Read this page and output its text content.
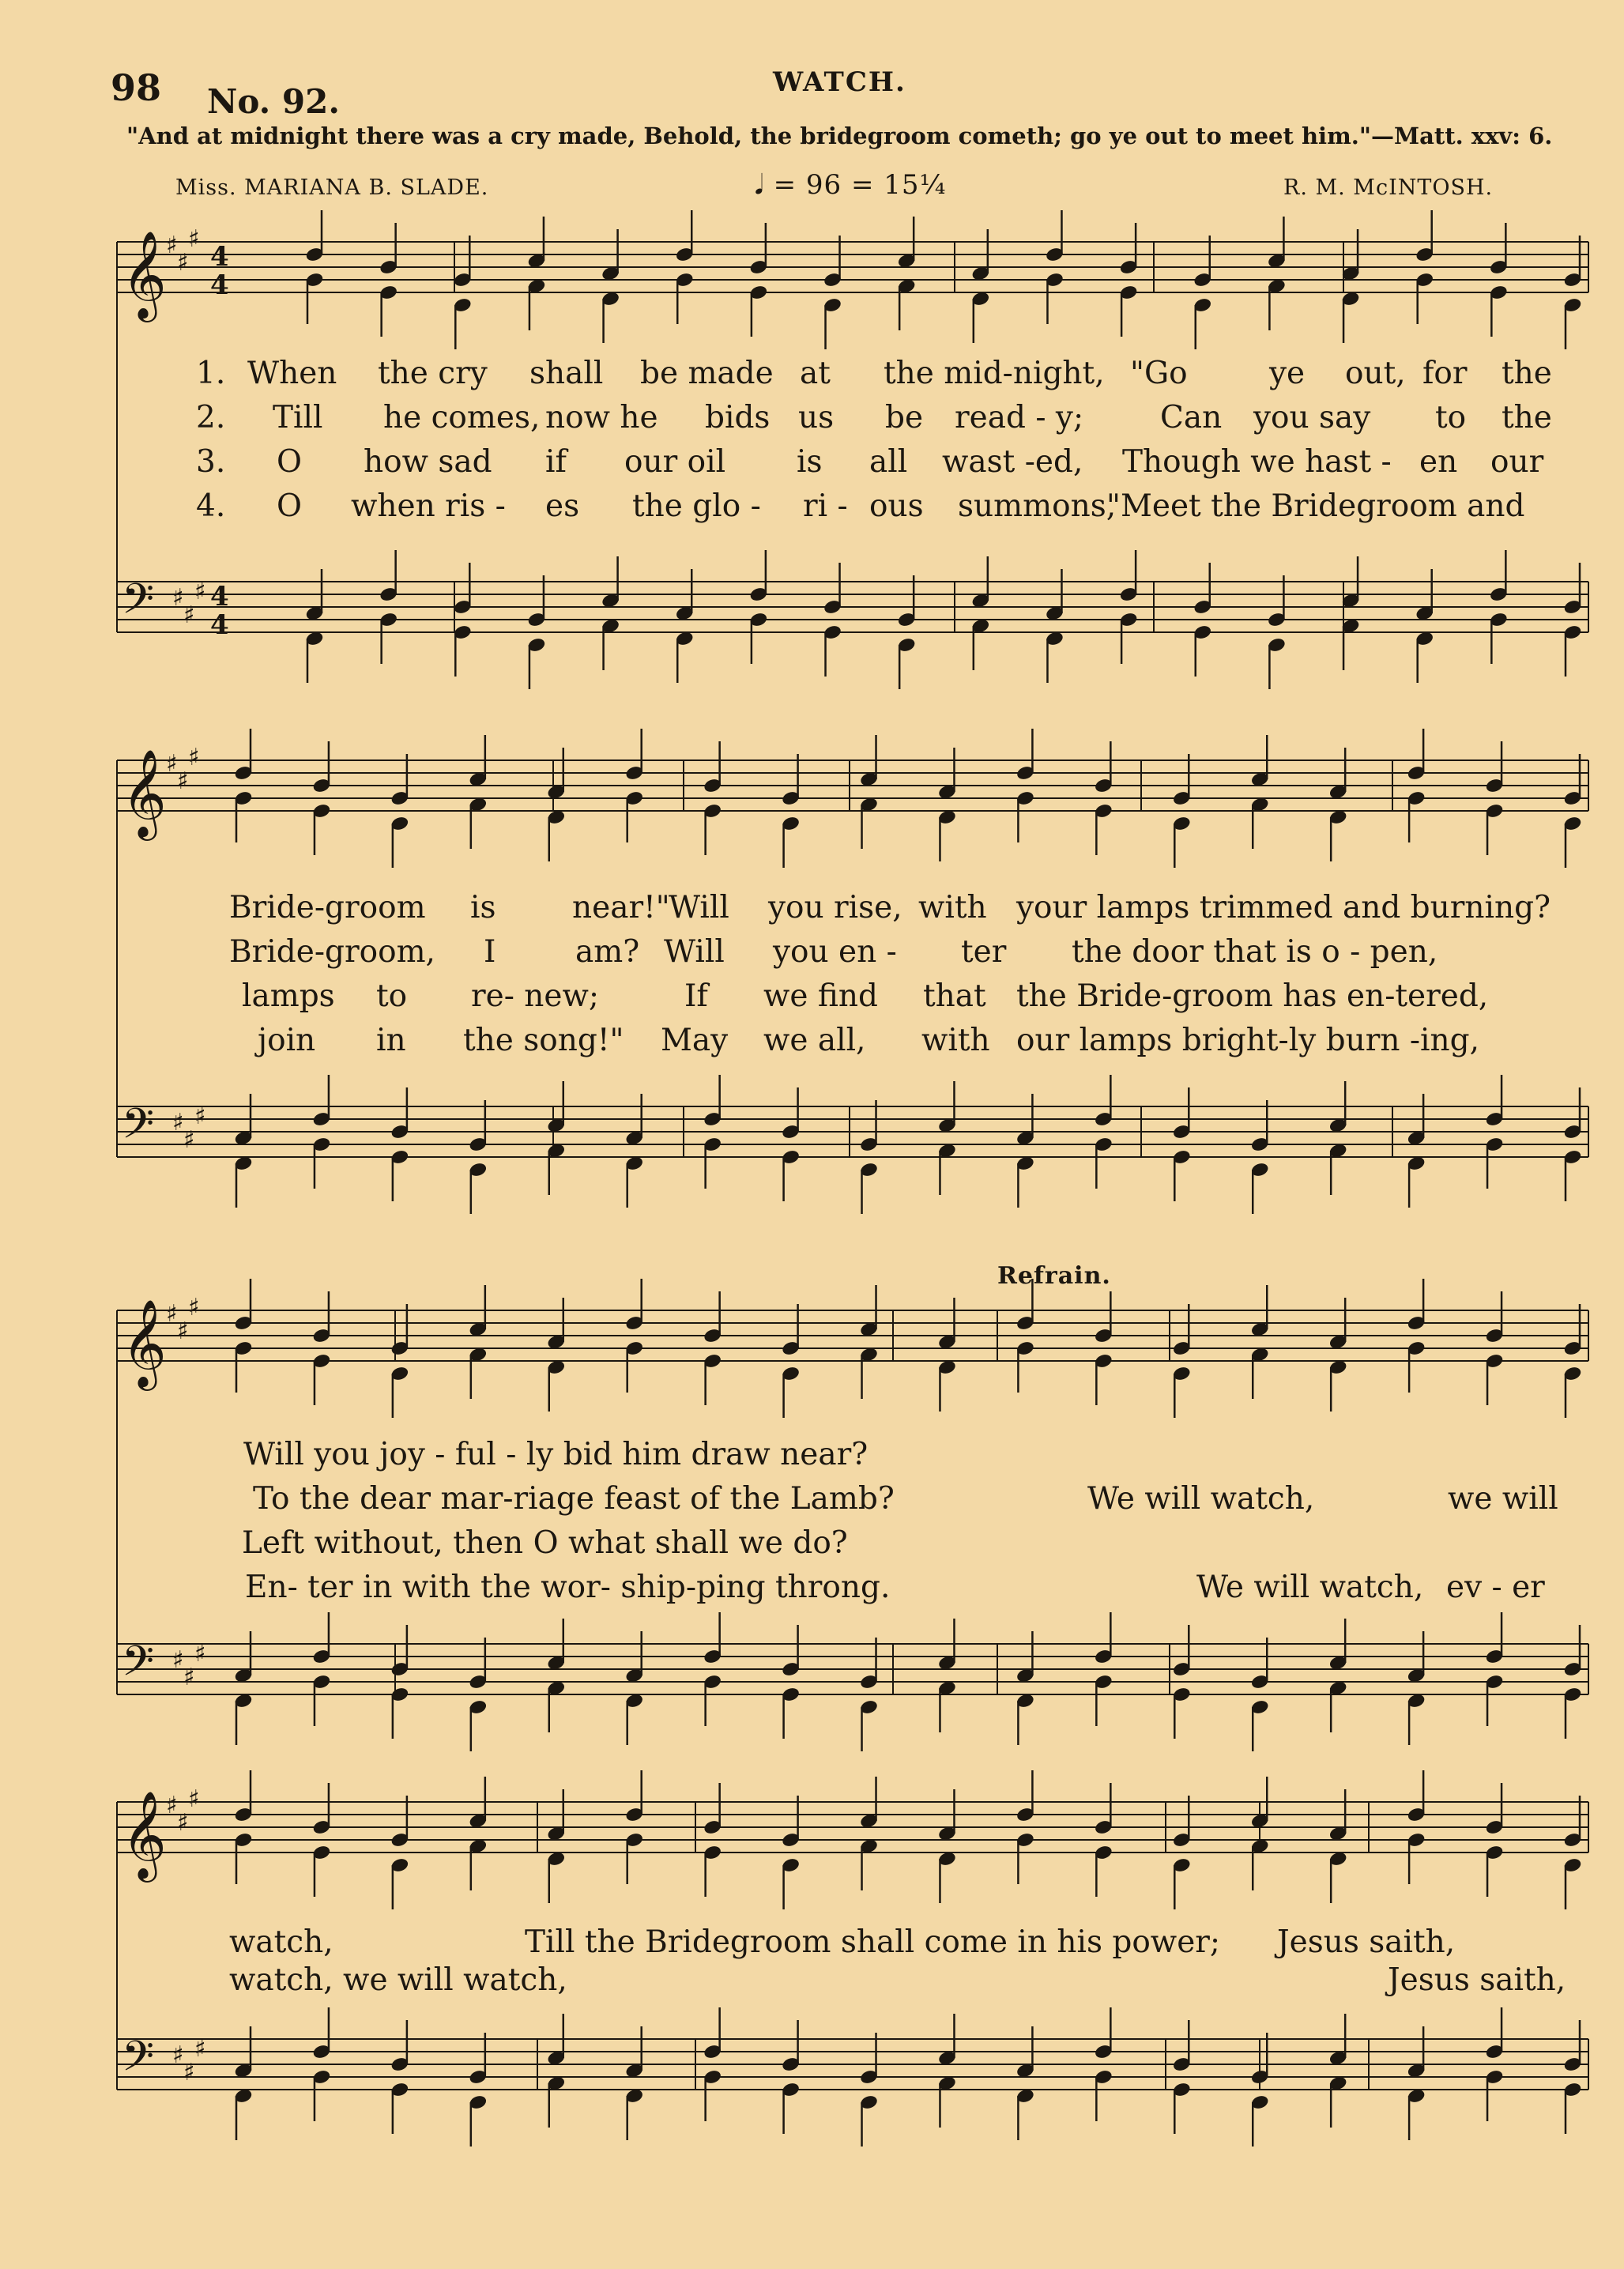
98 No. 92.	WATCH.
"And at midnight there was a cry made, Behold, the bridegroom cometh; go ye out to meet him."—Matt. xxv: 6.
Miss. MARIANA B. SLADE.	𝅘𝅥 = 96 = 15¼	R. M. McINTOSH.
𝄞 ♯
♯
♯
4
4
𝄢 ♯
♯
♯ 4
4
𝄞 ♯
♯
♯
𝄢 ♯
♯
♯
𝄞 ♯
♯
♯
𝄢 ♯
♯
♯
𝄞 ♯
♯
♯
𝄢 ♯
♯
♯
1. When the cry shall be made at the mid-night, "Go	ye out, for the
2. Till he comes, now he bids us be read - y; Can you say to the
3. O how sad if our oil is all wast -ed, Though we hast - en our
4. O when ris - es the glo - ri - ous summons,
"Meet the Bridegroom and
Bride-groom is near!"
Will you rise, with your lamps trimmed and burning?
Bride-groom, I	am? Will you en - ter the door that is o - pen,
lamps to re- new;	If we find that the Bride-groom has en-tered,
join in the song!" May we all, with our lamps bright-ly burn -ing,
Refrain.
Will you joy - ful - ly bid him draw near?
To the dear mar-riage feast of the Lamb?	We will watch,	we will
Left without, then O what shall we do?
En- ter in with the wor- ship-ping throng.	We will watch, ev - er
watch,	Till the Bridegroom shall come in his power; Jesus saith,
watch, we will watch,	Jesus saith,
